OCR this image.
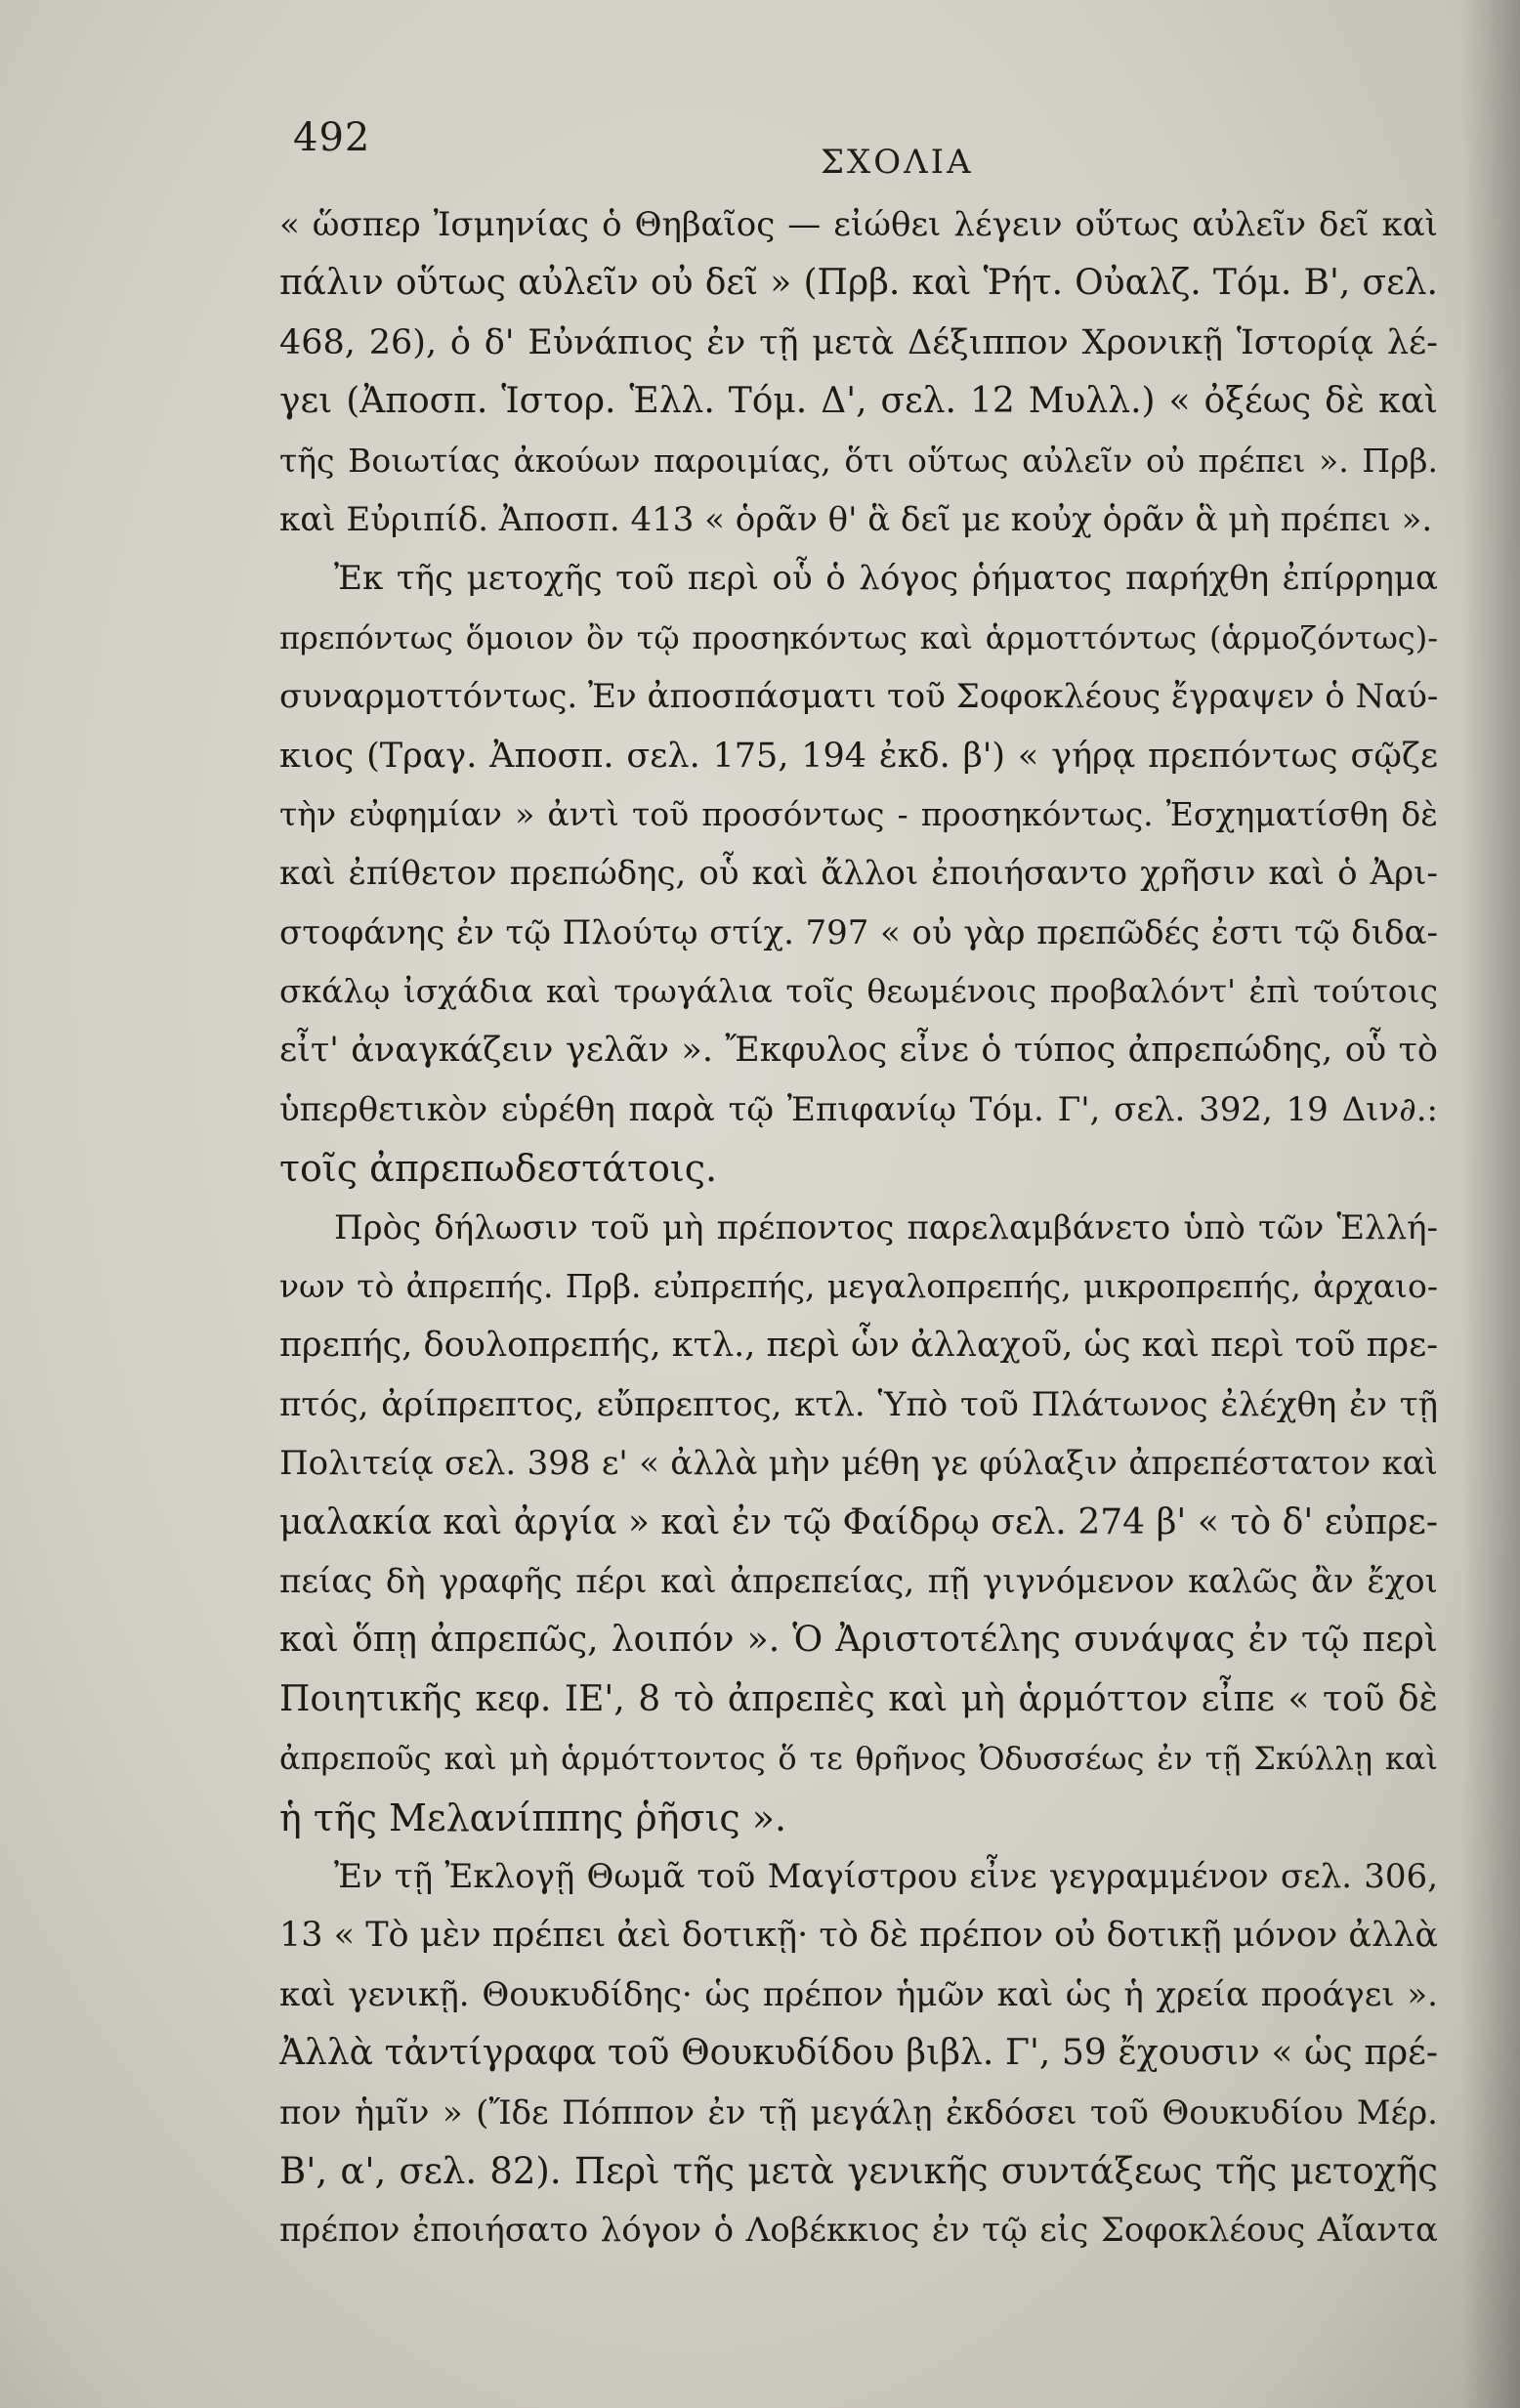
492
ΣΧΟΛΙΑ
« ὥσπερ Ἰσμηνίας ὁ Θηβαῖος — εἰώθει λέγειν οὕτως αὐλεῖν δεῖ καὶ
πάλιν οὕτως αὐλεῖν οὐ δεῖ » (Πρβ. καὶ Ῥήτ. Οὐαλζ. Τόμ. Β', σελ.
468, 26), ὁ δ' Εὐνάπιος ἐν τῇ μετὰ Δέξιππον Χρονικῇ Ἱστορίᾳ λέ-
γει (Ἀποσπ. Ἱστορ. Ἑλλ. Τόμ. Δ', σελ. 12 Μυλλ.) « ὀξέως δὲ καὶ
τῆς Βοιωτίας ἀκούων παροιμίας, ὅτι οὕτως αὐλεῖν οὐ πρέπει ». Πρβ.
καὶ Εὐριπίδ. Ἀποσπ. 413 « ὁρᾶν θ' ἃ δεῖ με κοὐχ ὁρᾶν ἃ μὴ πρέπει ».
Ἐκ τῆς μετοχῆς τοῦ περὶ οὗ ὁ λόγος ῥήματος παρήχθη ἐπίρρημα
πρεπόντως ὅμοιον ὂν τῷ προσηκόντως καὶ ἁρμοττόντως (ἁρμοζόντως)-
συναρμοττόντως. Ἐν ἀποσπάσματι τοῦ Σοφοκλέους ἔγραψεν ὁ Ναύ-
κιος (Τραγ. Ἀποσπ. σελ. 175, 194 ἐκδ. β') « γήρᾳ πρεπόντως σῷζε
τὴν εὐφημίαν » ἀντὶ τοῦ προσόντως - προσηκόντως. Ἐσχηματίσθη δὲ
καὶ ἐπίθετον πρεπώδης, οὗ καὶ ἄλλοι ἐποιήσαντο χρῆσιν καὶ ὁ Ἀρι-
στοφάνης ἐν τῷ Πλούτῳ στίχ. 797 « οὐ γὰρ πρεπῶδές ἐστι τῷ διδα-
σκάλῳ ἰσχάδια καὶ τρωγάλια τοῖς θεωμένοις προβαλόντ' ἐπὶ τούτοις
εἶτ' ἀναγκάζειν γελᾶν ». Ἔκφυλος εἶνε ὁ τύπος ἀπρεπώδης, οὗ τὸ
ὑπερθετικὸν εὑρέθη παρὰ τῷ Ἐπιφανίῳ Τόμ. Γ', σελ. 392, 19 Διν∂.:
τοῖς ἀπρεπωδεστάτοις.
Πρὸς δήλωσιν τοῦ μὴ πρέποντος παρελαμβάνετο ὑπὸ τῶν Ἑλλή-
νων τὸ ἀπρεπής. Πρβ. εὐπρεπής, μεγαλοπρεπής, μικροπρεπής, ἀρχαιο-
πρεπής, δουλοπρεπής, κτλ., περὶ ὧν ἀλλαχοῦ, ὡς καὶ περὶ τοῦ πρε-
πτός, ἀρίπρεπτος, εὔπρεπτος, κτλ. Ὑπὸ τοῦ Πλάτωνος ἐλέχθη ἐν τῇ
Πολιτείᾳ σελ. 398 ε' « ἀλλὰ μὴν μέθη γε φύλαξιν ἀπρεπέστατον καὶ
μαλακία καὶ ἀργία » καὶ ἐν τῷ Φαίδρῳ σελ. 274 β' « τὸ δ' εὐπρε-
πείας δὴ γραφῆς πέρι καὶ ἀπρεπείας, πῇ γιγνόμενον καλῶς ἂν ἔχοι
καὶ ὅπῃ ἀπρεπῶς, λοιπόν ». Ὁ Ἀριστοτέλης συνάψας ἐν τῷ περὶ
Ποιητικῆς κεφ. ΙΕ', 8 τὸ ἀπρεπὲς καὶ μὴ ἁρμόττον εἶπε « τοῦ δὲ
ἀπρεποῦς καὶ μὴ ἁρμόττοντος ὅ τε θρῆνος Ὀδυσσέως ἐν τῇ Σκύλλῃ καὶ
ἡ τῆς Μελανίππης ῥῆσις ».
Ἐν τῇ Ἐκλογῇ Θωμᾶ τοῦ Μαγίστρου εἶνε γεγραμμένον σελ. 306,
13 « Τὸ μὲν πρέπει ἀεὶ δοτικῇ· τὸ δὲ πρέπον οὐ δοτικῇ μόνον ἀλλὰ
καὶ γενικῇ. Θουκυδίδης· ὡς πρέπον ἡμῶν καὶ ὡς ἡ χρεία προάγει ».
Ἀλλὰ τἀντίγραφα τοῦ Θουκυδίδου βιβλ. Γ', 59 ἔχουσιν « ὡς πρέ-
πον ἡμῖν » (Ἴδε Πόππον ἐν τῇ μεγάλῃ ἐκδόσει τοῦ Θουκυδίου Μέρ.
Β', α', σελ. 82). Περὶ τῆς μετὰ γενικῆς συντάξεως τῆς μετοχῆς
πρέπον ἐποιήσατο λόγον ὁ Λοβέκκιος ἐν τῷ εἰς Σοφοκλέους Αἴαντα
